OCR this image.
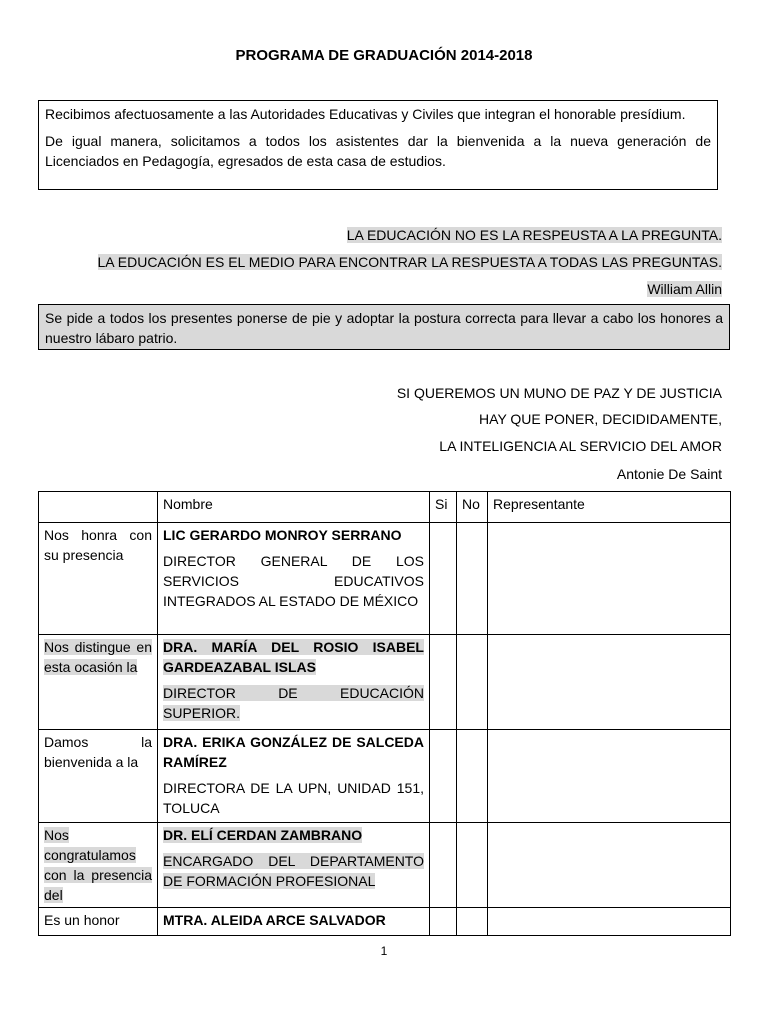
PROGRAMA DE GRADUACIÓN 2014-2018

Recibimos afectuosamente a las Autoridades Educativas y Civiles que integran el honorable presídium.

De igual manera, solicitamos a todos los asistentes dar la bienvenida a la nueva generación de Licenciados en Pedagogía, egresados de esta casa de estudios.

LA EDUCACIÓN NO ES LA RESPEUSTA A LA PREGUNTA.
LA EDUCACIÓN ES EL MEDIO PARA ENCONTRAR LA RESPUESTA A TODAS LAS PREGUNTAS.
William Allin
Se pide a todos los presentes ponerse de pie y adoptar la postura correcta para llevar a cabo los honores a nuestro lábaro patrio.
SI QUEREMOS UN MUNO DE PAZ Y DE JUSTICIA
HAY QUE PONER, DECIDIDAMENTE,
LA INTELIGENCIA AL SERVICIO DEL AMOR
Antonie De Saint
	Nombre	Si	No	Representante
Nos honra con su presencia	LIC GERARDO MONROY SERRANO
DIRECTOR GENERAL DE LOS SERVICIOS EDUCATIVOS INTEGRADOS AL ESTADO DE MÉXICO			

Nos distingue en esta ocasión la	DRA. MARÍA DEL ROSIO ISABEL GARDEAZABAL ISLAS
DIRECTOR DE EDUCACIÓN SUPERIOR.			

Damos la bienvenida a la	DRA. ERIKA GONZÁLEZ DE SALCEDA RAMÍREZ
DIRECTORA DE LA UPN, UNIDAD 151, TOLUCA			

Nos congratulamos con la presencia del	DR. ELÍ CERDAN ZAMBRANO
ENCARGADO DEL DEPARTAMENTO DE FORMACIÓN PROFESIONAL			

Es un honor	MTRA. ALEIDA ARCE SALVADOR			

1
